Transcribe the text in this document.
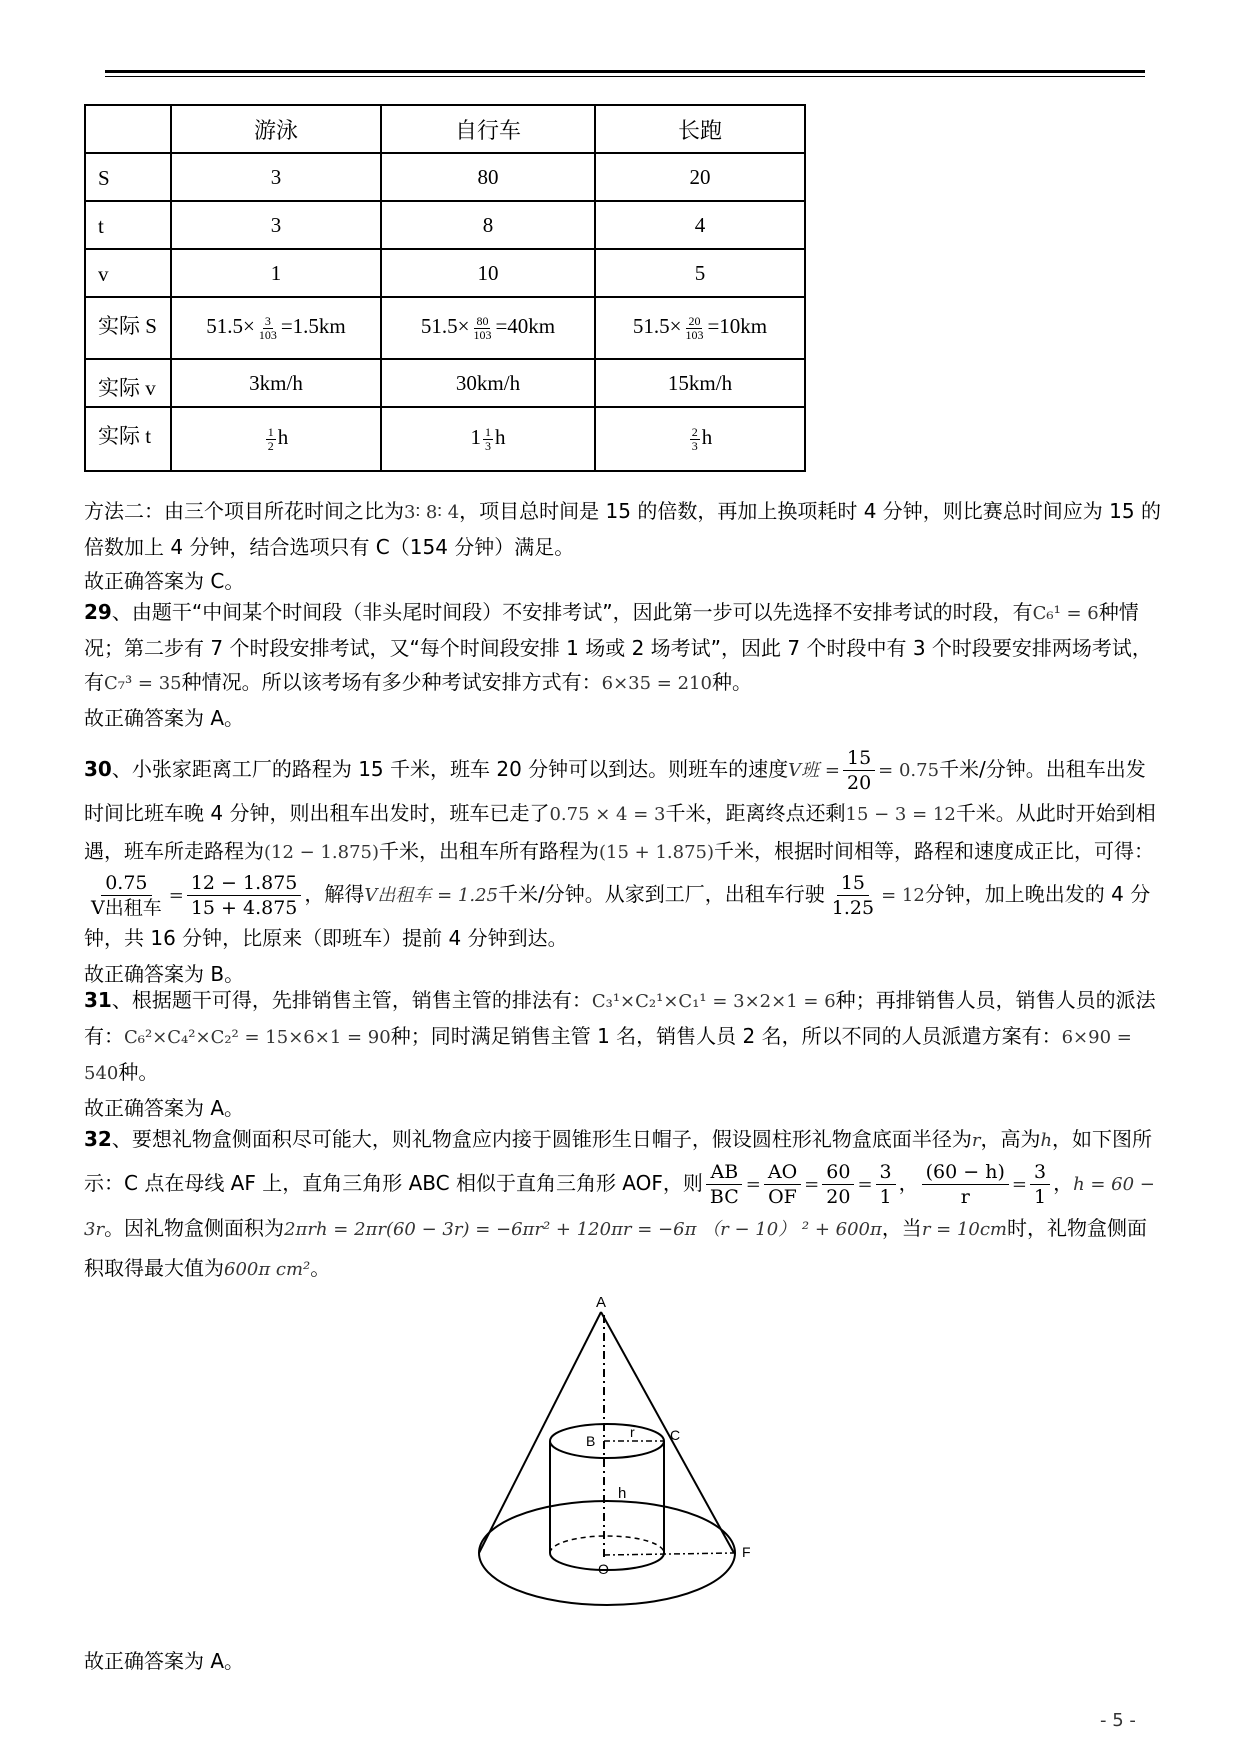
	游泳	自行车	长跑
S	3	80	20
t	3	8	4
v	1	10	5
实际 S	$51.5\times \frac{3}{103} =1.5km$	$51.5\times \frac{80}{103} =40km$	$51.5\times \frac{20}{103} =10km$
实际 v	3km/h	30km/h	15km/h
实际 t	$\frac{1}{2}$ h	$1 \frac{1}{3}$ h	$\frac{2}{3}$ h
方法二：由三个项目所花时间之比为3∶ 8∶ 4，项目总时间是 15 的倍数，再加上换项耗时 4 分钟，则比赛总时间应为 15 的倍数加上 4 分钟，结合选项只有 C（154 分钟）满足。
故正确答案为 C。
29、由题干“中间某个时间段（非头尾时间段）不安排考试”，因此第一步可以先选择不安排考试的时段，有C₆¹ = 6种情况；第二步有 7 个时段安排考试，又“每个时间段安排 1 场或 2 场考试”，因此 7 个时段中有 3 个时段要安排两场考试，有C₇³ = 35种情况。所以该考场有多少种考试安排方式有：6×35 = 210种。
故正确答案为 A。
30、小张家距离工厂的路程为 15 千米，班车 20 分钟可以到达。则班车的速度V班 = $\frac{15}{20} = 0.75$千米/分钟。出租车出发时间比班车晚 4 分钟，则出租车出发时，班车已走了0.75 × 4 = 3千米，距离终点还剩15 − 3 = 12千米。从此时开始到相遇，班车所走路程为(12 − 1.875)千米，出租车所有路程为(15 + 1.875)千米，根据时间相等，路程和速度成正比，可得：
$\frac{0.75}{\text{V出租车}} = \frac{12 - 1.875}{15 + 4.875}$ ，解得V出租车 = 1.25千米/分钟。从家到工厂，出租车行驶 $\frac{15}{1.25} = 12$分钟，加上晚出发的 4 分钟，共 16 分钟，比原来（即班车）提前 4 分钟到达。
故正确答案为 B。
31、根据题干可得，先排销售主管，销售主管的排法有：C₃¹×C₂¹×C₁¹ = 3×2×1 = 6种；再排销售人员，销售人员的派法有：C₆²×C₄²×C₂² = 15×6×1 = 90种；同时满足销售主管 1 名，销售人员 2 名，所以不同的人员派遣方案有：6×90 = 540种。
故正确答案为 A。
32、要想礼物盒侧面积尽可能大，则礼物盒应内接于圆锥形生日帽子，假设圆柱形礼物盒底面半径为r，高为h，如下图所示：C 点在母线 AF 上，直角三角形 ABC 相似于直角三角形 AOF，则 $\frac{AB}{BC} = \frac{AO}{OF} = \frac{60}{20} = \frac{3}{1}$ ， $\frac{(60 - h)}{r} = \frac{3}{1}$ ，h = 60 − 3r。因礼物盒侧面积为2πrh = 2πr(60 − 3r) = −6πr² + 120πr = −6π （r − 10） ² + 600π，当r = 10cm时，礼物盒侧面积取得最大值为600π cm²。
A
B
r	C
h
O
F
故正确答案为 A。
- 5 -
